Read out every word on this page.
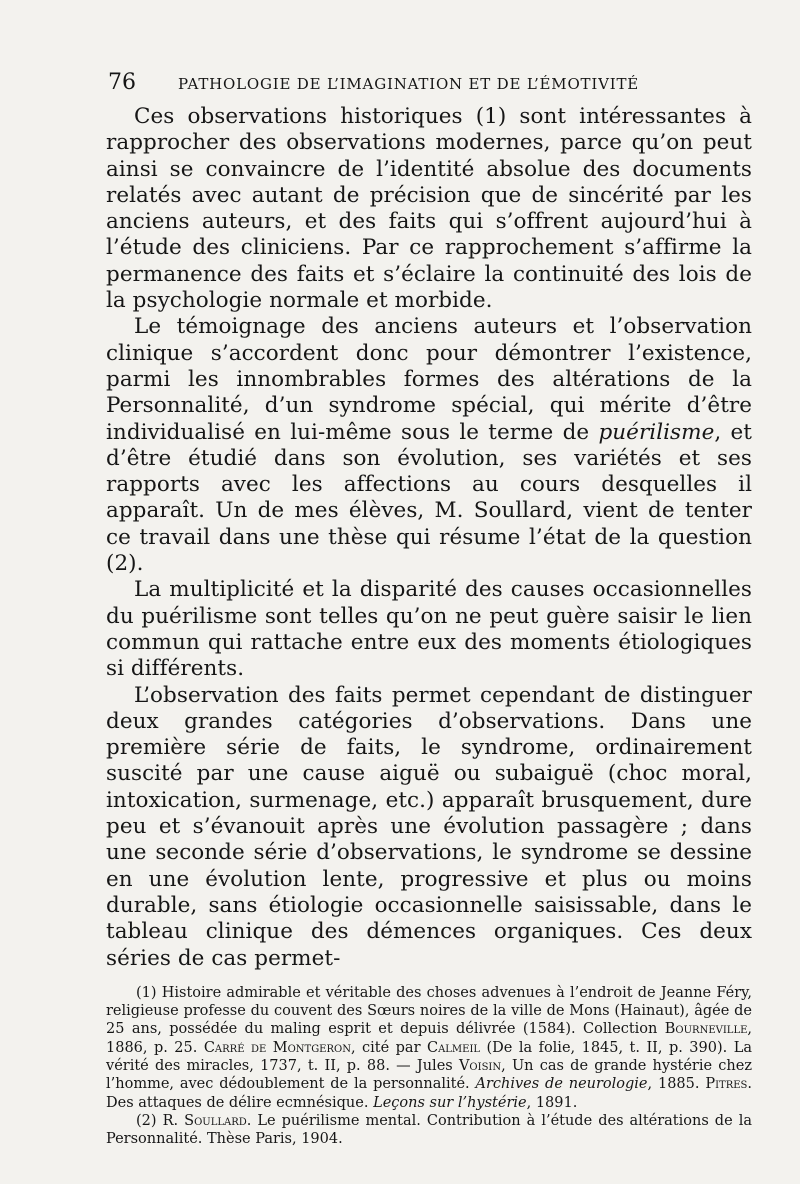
76	PATHOLOGIE DE L’IMAGINATION ET DE L’ÉMOTIVITÉ

Ces observations historiques (1) sont intéressantes à rapprocher des observations modernes, parce qu’on peut ainsi se convaincre de l’identité absolue des documents relatés avec autant de précision que de sincérité par les anciens auteurs, et des faits qui s’offrent aujourd’hui à l’étude des cliniciens. Par ce rapprochement s’affirme la permanence des faits et s’éclaire la continuité des lois de la psychologie normale et morbide.

Le témoignage des anciens auteurs et l’observation clinique s’accordent donc pour démontrer l’existence, parmi les innombrables formes des altérations de la Personnalité, d’un syndrome spécial, qui mérite d’être individualisé en lui-même sous le terme de puérilisme, et d’être étudié dans son évolution, ses variétés et ses rapports avec les affections au cours desquelles il apparaît. Un de mes élèves, M. Soullard, vient de tenter ce travail dans une thèse qui résume l’état de la question (2).

La multiplicité et la disparité des causes occasionnelles du puérilisme sont telles qu’on ne peut guère saisir le lien commun qui rattache entre eux des moments étiologiques si différents.

L’observation des faits permet cependant de distinguer deux grandes catégories d’observations. Dans une première série de faits, le syndrome, ordinairement suscité par une cause aiguë ou subaiguë (choc moral, intoxication, surmenage, etc.) apparaît brusquement, dure peu et s’évanouit après une évolution passagère ; dans une seconde série d’observations, le syndrome se dessine en une évolution lente, progressive et plus ou moins durable, sans étiologie occasionnelle saisissable, dans le tableau clinique des démences organiques. Ces deux séries de cas permet-

(1) Histoire admirable et véritable des choses advenues à l’endroit de Jeanne Féry, religieuse professe du couvent des Sœurs noires de la ville de Mons (Hainaut), âgée de 25 ans, possédée du maling esprit et depuis délivrée (1584). Collection Bourneville, 1886, p. 25. Carré de Montgeron, cité par Calmeil (De la folie, 1845, t. II, p. 390). La vérité des miracles, 1737, t. II, p. 88. — Jules Voisin, Un cas de grande hystérie chez l’homme, avec dédoublement de la personnalité. Archives de neurologie, 1885. Pitres. Des attaques de délire ecmnésique. Leçons sur l’hystérie, 1891.

(2) R. Soullard. Le puérilisme mental. Contribution à l’étude des altérations de la Personnalité. Thèse Paris, 1904.
